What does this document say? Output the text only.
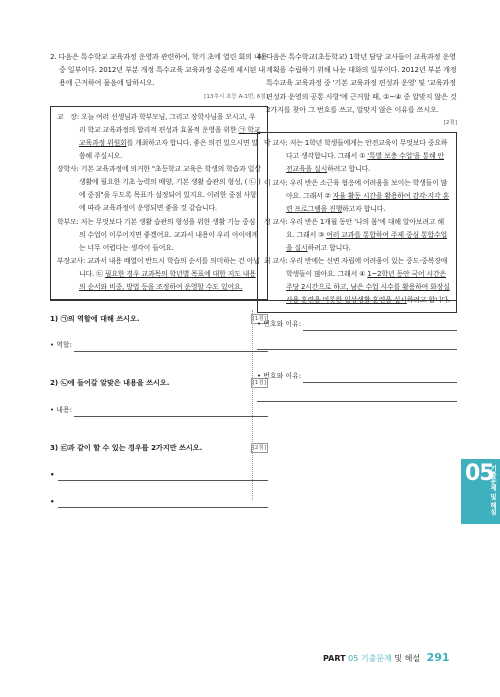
2. 다음은 특수학교 교육과정 운영과 관련하여, 학기 초에 열린 회의 내용 중 일부이다. 2012년 부분 개정 특수교육 교육과정 총론에 제시된 내용에 근거하여 물음에 답하시오.
[13추시 초등 A-1번, 6점]
교　장: 오늘 여러 선생님과 학부모님, 그리고 장학사님을 모시고, 우리 학교 교육과정의 합리적 편성과 효율적 운영을 위한 ㉠ 학교 교육과정 위원회를 개최하고자 합니다. 좋은 의견 있으시면 말씀해 주십시오.
장학사: 기본 교육과정에 의거한 "초등학교 교육은 학생의 학습과 일상생활에 필요한 기초 능력의 배양, 기본 생활 습관의 형성, ( ㉡ )에 중점"을 두도록 목표가 설정되어 있지요. 이러한 중점 사항에 따라 교육과정이 운영되면 좋을 것 같습니다.
학부모: 저는 무엇보다 기본 생활 습관의 형성을 위한 생활 기능 중심의 수업이 이루어지면 좋겠어요. 교과서 내용이 우리 아이에게는 너무 어렵다는 생각이 들어요.
부장교사: 교과서 내용 배열이 반드시 학습의 순서를 의미하는 건 아닙니다. ㉢ 필요한 경우 교과목의 학년별 목표에 대한 지도 내용의 순서와 비중, 방법 등을 조정하여 운영할 수도 있어요.
4) 다음은 특수학교(초등학교) 1학년 담당 교사들이 교육과정 운영 계획을 수립하기 위해 나눈 대화의 일부이다. 2012년 부분 개정 특수교육 교육과정 중 '기본 교육과정 편성과 운영' 및 '교육과정 편성과 운영의 공통 사항'에 근거할 때, ①~④ 중 알맞지 않은 것 2가지를 찾아 그 번호를 쓰고, 알맞지 않은 이유를 쓰시오.
[2점]
박 교사: 저는 1학년 학생들에게는 안전교육이 무엇보다 중요하다고 생각합니다. 그래서 ① '특별 보충 수업'을 통해 안전교육을 실시하려고 합니다.
이 교사: 우리 반은 소근육 협응에 어려움을 보이는 학생들이 많아요. 그래서 ② 자율 활동 시간을 활용하여 감각·지각 훈련 프로그램을 진행하고자 합니다.
정 교사: 우리 반은 1개월 동안 '나의 몸'에 대해 알아보려고 해요. 그래서 ③ 여러 교과를 통합하여 주제 중심 통합수업을 실시하려고 합니다.
최 교사: 우리 반에는 신변 자립에 어려움이 있는 중도·중복장애 학생들이 많아요. 그래서 ④ 1~2학년 동안 국어 시간은 주당 2시간으로 하고, 남은 수업 시수를 활용하여 화장실 사용 훈련을 비롯한 일상생활 훈련을 실시하려고 합니다.
1) ㉠의 역할에 대해 쓰시오.	[1점]
• 역할:
2) ㉡에 들어갈 알맞은 내용을 쓰시오.	[1점]
• 내용:
3) ㉢과 같이 할 수 있는 경우를 2가지만 쓰시오.	[2점]
•
•
• 번호와 이유:
• 번호와 이유:
05
기출문제 및 해설
PART 05 기출문제 및 해설 291
